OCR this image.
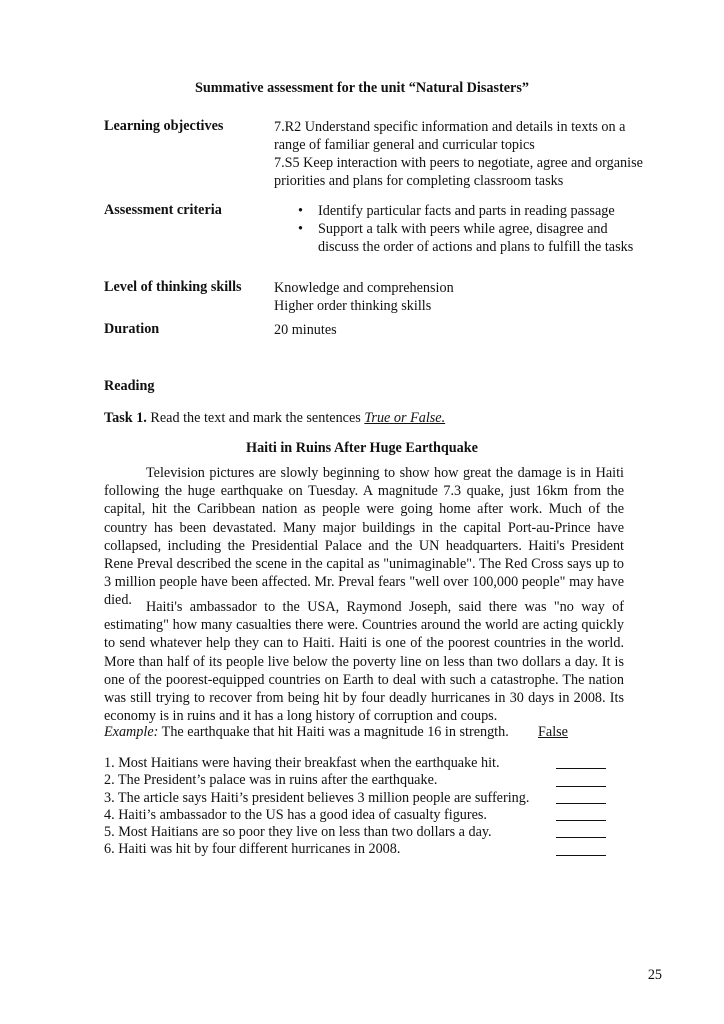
Summative assessment for the unit “Natural Disasters”
Learning objectives	7.R2 Understand specific information and details in texts on a
range of familiar general and curricular topics
7.S5 Keep interaction with peers to negotiate, agree and organise
priorities and plans for completing classroom tasks
Assessment criteria
•	Identify particular facts and parts in reading passage
• Support a talk with peers while agree, disagree and
discuss the order of actions and plans to fulfill the tasks
Level of thinking skills Knowledge and comprehension
Higher order thinking skills
Duration	20 minutes
Reading
Task 1. Read the text and mark the sentences True or False.
Haiti in Ruins After Huge Earthquake

Television pictures are slowly beginning to show how great the damage is in Haiti following the huge earthquake on Tuesday. A magnitude 7.3 quake, just 16km from the capital, hit the Caribbean nation as people were going home after work. Much of the country has been devastated. Many major buildings in the capital Port-au-Prince have collapsed, including the Presidential Palace and the UN headquarters. Haiti's President Rene Preval described the scene in the capital as "unimaginable". The Red Cross says up to 3 million people have been affected. Mr. Preval fears "well over 100,000 people" may have died. Haiti's ambassador to the USA, Raymond Joseph, said there was "no way of estimating" how many casualties there were. Countries around the world are acting quickly to send whatever help they can to Haiti. Haiti is one of the poorest countries in the world. More than half of its people live below the poverty line on less than two dollars a day. It is one of the poorest-equipped countries on Earth to deal with such a catastrophe. The nation was still trying to recover from being hit by four deadly hurricanes in 30 days in 2008. Its economy is in ruins and it has a long history of corruption and coups.

Example: The earthquake that hit Haiti was a magnitude 16 in strength. False
1. Most Haitians were having their breakfast when the earthquake hit.
2. The President’s palace was in ruins after the earthquake.
3. The article says Haiti’s president believes 3 million people are suffering.
4. Haiti’s ambassador to the US has a good idea of casualty figures.
5. Most Haitians are so poor they live on less than two dollars a day.
6. Haiti was hit by four different hurricanes in 2008.
25
